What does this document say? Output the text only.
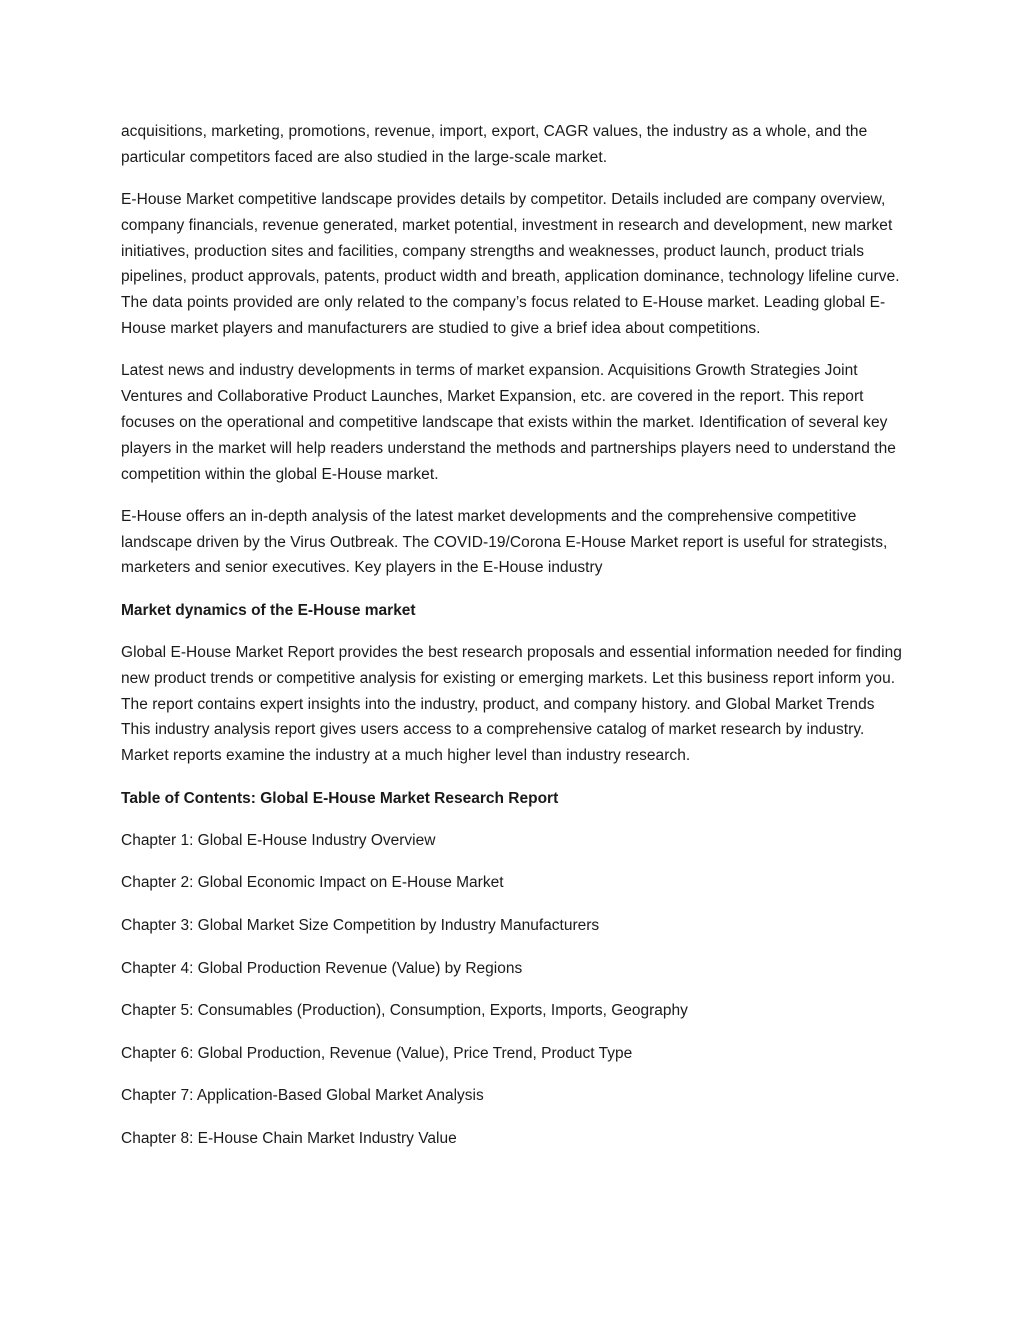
acquisitions, marketing, promotions, revenue, import, export, CAGR values, the industry as a whole, and the particular competitors faced are also studied in the large-scale market.

E-House Market competitive landscape provides details by competitor. Details included are company overview, company financials, revenue generated, market potential, investment in research and development, new market initiatives, production sites and facilities, company strengths and weaknesses, product launch, product trials pipelines, product approvals, patents, product width and breath, application dominance, technology lifeline curve. The data points provided are only related to the company’s focus related to E-House market. Leading global E-House market players and manufacturers are studied to give a brief idea about competitions.

Latest news and industry developments in terms of market expansion. Acquisitions Growth Strategies Joint Ventures and Collaborative Product Launches, Market Expansion, etc. are covered in the report. This report focuses on the operational and competitive landscape that exists within the market. Identification of several key players in the market will help readers understand the methods and partnerships players need to understand the competition within the global E-House market.

E-House offers an in-depth analysis of the latest market developments and the comprehensive competitive landscape driven by the Virus Outbreak. The COVID-19/Corona E-House Market report is useful for strategists, marketers and senior executives. Key players in the E-House industry

Market dynamics of the E-House market

Global E-House Market Report provides the best research proposals and essential information needed for finding new product trends or competitive analysis for existing or emerging markets. Let this business report inform you. The report contains expert insights into the industry, product, and company history. and Global Market Trends This industry analysis report gives users access to a comprehensive catalog of market research by industry. Market reports examine the industry at a much higher level than industry research.

Table of Contents: Global E-House Market Research Report

Chapter 1: Global E-House Industry Overview

Chapter 2: Global Economic Impact on E-House Market

Chapter 3: Global Market Size Competition by Industry Manufacturers

Chapter 4: Global Production Revenue (Value) by Regions

Chapter 5: Consumables (Production), Consumption, Exports, Imports, Geography

Chapter 6: Global Production, Revenue (Value), Price Trend, Product Type

Chapter 7: Application-Based Global Market Analysis

Chapter 8: E-House Chain Market Industry Value
